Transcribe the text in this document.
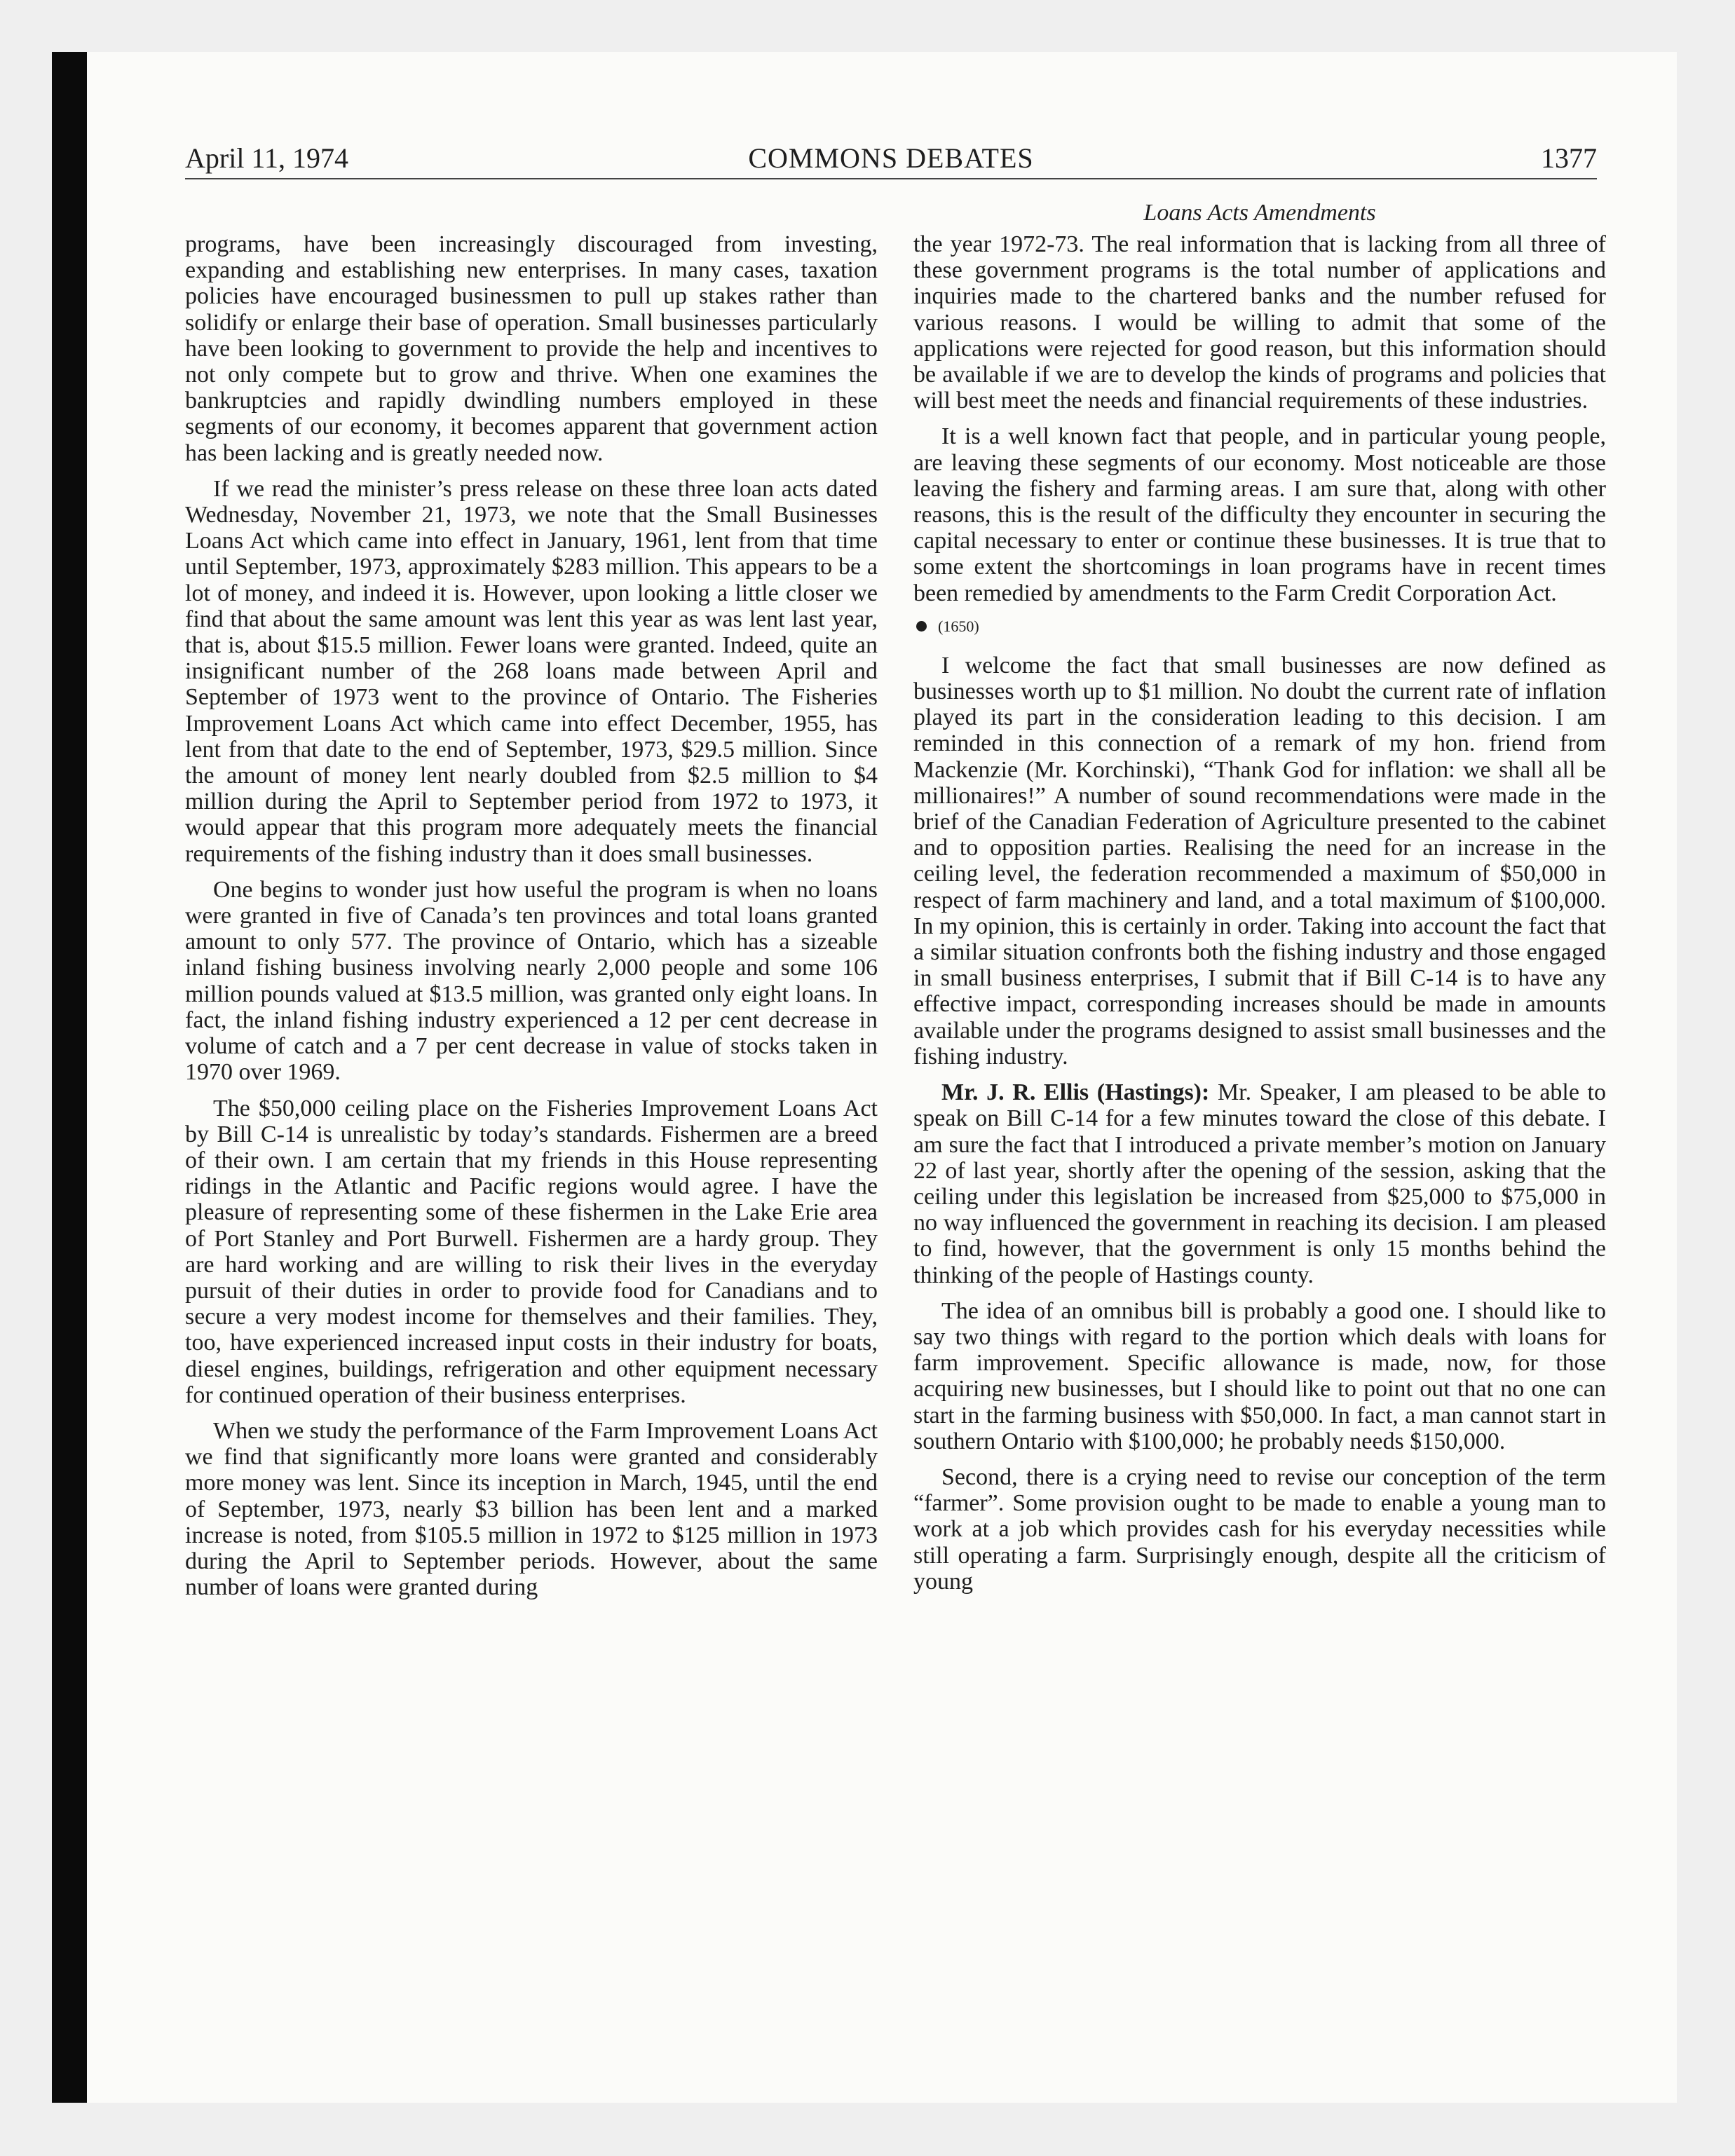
April 11, 1974	COMMONS DEBATES	1377

programs, have been increasingly discouraged from investing, expanding and establishing new enterprises. In many cases, taxation policies have encouraged businessmen to pull up stakes rather than solidify or enlarge their base of operation. Small businesses particularly have been looking to government to provide the help and incentives to not only compete but to grow and thrive. When one examines the bankruptcies and rapidly dwindling numbers employed in these segments of our economy, it becomes apparent that government action has been lacking and is greatly needed now.

If we read the minister’s press release on these three loan acts dated Wednesday, November 21, 1973, we note that the Small Businesses Loans Act which came into effect in January, 1961, lent from that time until September, 1973, approximately $283 million. This appears to be a lot of money, and indeed it is. However, upon looking a little closer we find that about the same amount was lent this year as was lent last year, that is, about $15.5 million. Fewer loans were granted. Indeed, quite an insignificant number of the 268 loans made between April and September of 1973 went to the province of Ontario. The Fisheries Improvement Loans Act which came into effect December, 1955, has lent from that date to the end of September, 1973, $29.5 million. Since the amount of money lent nearly doubled from $2.5 million to $4 million during the April to September period from 1972 to 1973, it would appear that this program more adequately meets the financial requirements of the fishing industry than it does small businesses.

One begins to wonder just how useful the program is when no loans were granted in five of Canada’s ten provinces and total loans granted amount to only 577. The province of Ontario, which has a sizeable inland fishing business involving nearly 2,000 people and some 106 million pounds valued at $13.5 million, was granted only eight loans. In fact, the inland fishing industry experienced a 12 per cent decrease in volume of catch and a 7 per cent decrease in value of stocks taken in 1970 over 1969.

The $50,000 ceiling place on the Fisheries Improvement Loans Act by Bill C-14 is unrealistic by today’s standards. Fishermen are a breed of their own. I am certain that my friends in this House representing ridings in the Atlantic and Pacific regions would agree. I have the pleasure of representing some of these fishermen in the Lake Erie area of Port Stanley and Port Burwell. Fishermen are a hardy group. They are hard working and are willing to risk their lives in the everyday pursuit of their duties in order to provide food for Canadians and to secure a very modest income for themselves and their families. They, too, have experienced increased input costs in their industry for boats, diesel engines, buildings, refrigeration and other equipment necessary for continued operation of their business enterprises.

When we study the performance of the Farm Improvement Loans Act we find that significantly more loans were granted and considerably more money was lent. Since its inception in March, 1945, until the end of September, 1973, nearly $3 billion has been lent and a marked increase is noted, from $105.5 million in 1972 to $125 million in 1973 during the April to September periods. However, about the same number of loans were granted during

Loans Acts Amendments

the year 1972-73. The real information that is lacking from all three of these government programs is the total number of applications and inquiries made to the chartered banks and the number refused for various reasons. I would be willing to admit that some of the applications were rejected for good reason, but this information should be available if we are to develop the kinds of programs and policies that will best meet the needs and financial requirements of these industries.

It is a well known fact that people, and in particular young people, are leaving these segments of our economy. Most noticeable are those leaving the fishery and farming areas. I am sure that, along with other reasons, this is the result of the difficulty they encounter in securing the capital necessary to enter or continue these businesses. It is true that to some extent the shortcomings in loan programs have in recent times been remedied by amendments to the Farm Credit Corporation Act.

(1650)

I welcome the fact that small businesses are now defined as businesses worth up to $1 million. No doubt the current rate of inflation played its part in the consideration leading to this decision. I am reminded in this connection of a remark of my hon. friend from Mackenzie (Mr. Korchinski), “Thank God for inflation: we shall all be millionaires!” A number of sound recommendations were made in the brief of the Canadian Federation of Agriculture presented to the cabinet and to opposition parties. Realising the need for an increase in the ceiling level, the federation recommended a maximum of $50,000 in respect of farm machinery and land, and a total maximum of $100,000. In my opinion, this is certainly in order. Taking into account the fact that a similar situation confronts both the fishing industry and those engaged in small business enterprises, I submit that if Bill C-14 is to have any effective impact, corresponding increases should be made in amounts available under the programs designed to assist small businesses and the fishing industry.

Mr. J. R. Ellis (Hastings): Mr. Speaker, I am pleased to be able to speak on Bill C-14 for a few minutes toward the close of this debate. I am sure the fact that I introduced a private member’s motion on January 22 of last year, shortly after the opening of the session, asking that the ceiling under this legislation be increased from $25,000 to $75,000 in no way influenced the government in reaching its decision. I am pleased to find, however, that the government is only 15 months behind the thinking of the people of Hastings county.

The idea of an omnibus bill is probably a good one. I should like to say two things with regard to the portion which deals with loans for farm improvement. Specific allowance is made, now, for those acquiring new businesses, but I should like to point out that no one can start in the farming business with $50,000. In fact, a man cannot start in southern Ontario with $100,000; he probably needs $150,000.

Second, there is a crying need to revise our conception of the term “farmer”. Some provision ought to be made to enable a young man to work at a job which provides cash for his everyday necessities while still operating a farm. Surprisingly enough, despite all the criticism of young
